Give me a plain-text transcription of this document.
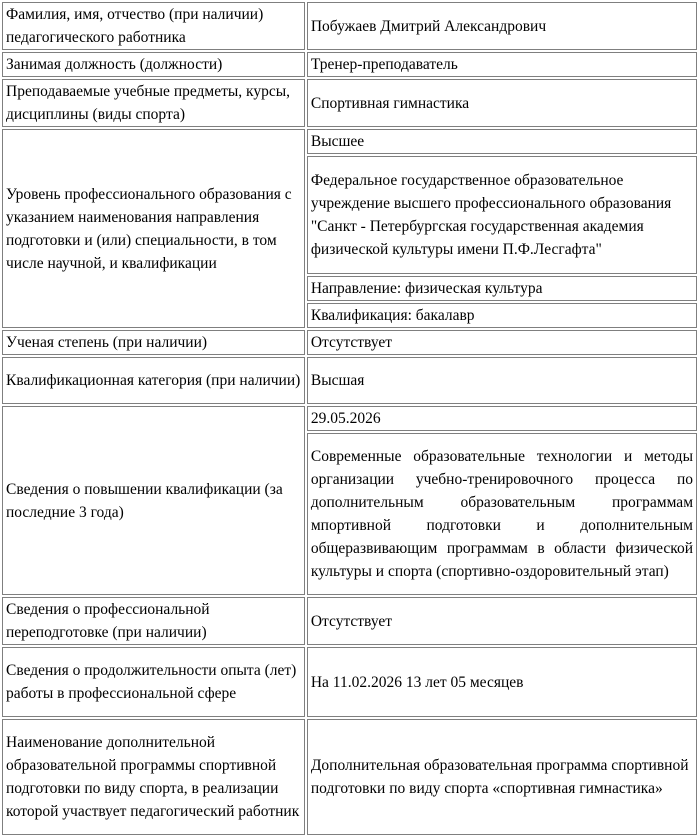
Фамилия, имя, отчество (при наличии) педагогического работника	Побужаев Дмитрий Александрович
Занимая должность (должности)	Тренер-преподаватель
Преподаваемые учебные предметы, курсы, дисциплины (виды спорта)	Спортивная гимнастика
Уровень профессионального образования с указанием наименования направления подготовки и (или) специальности, в том числе научной, и квалификации	Высшее
	Федеральное государственное образовательное учреждение высшего профессионального образования "Санкт - Петербургская государственная академия физической культуры имени П.Ф.Лесгафта"
	Направление: физическая культура
	Квалификация: бакалавр
Ученая степень (при наличии)	Отсутствует
Квалификационная категория (при наличии)	Высшая
Сведения о повышении квалификации (за последние 3 года)	29.05.2026
	Современные образовательные технологии и методы организации учебно-тренировочного процесса по дополнительным образовательным программам мпортивной подготовки и дополнительным общеразвивающим программам в области физической культуры и спорта (спортивно-оздоровительный этап)
Сведения о профессиональной переподготовке (при наличии)	Отсутствует
Сведения о продолжительности опыта (лет) работы в профессиональной сфере	На 11.02.2026 13 лет 05 месяцев
Наименование дополнительной образовательной программы спортивной подготовки по виду спорта, в реализации которой участвует педагогический работник	Дополнительная образовательная программа спортивной подготовки по виду спорта «спортивная гимнастика»
